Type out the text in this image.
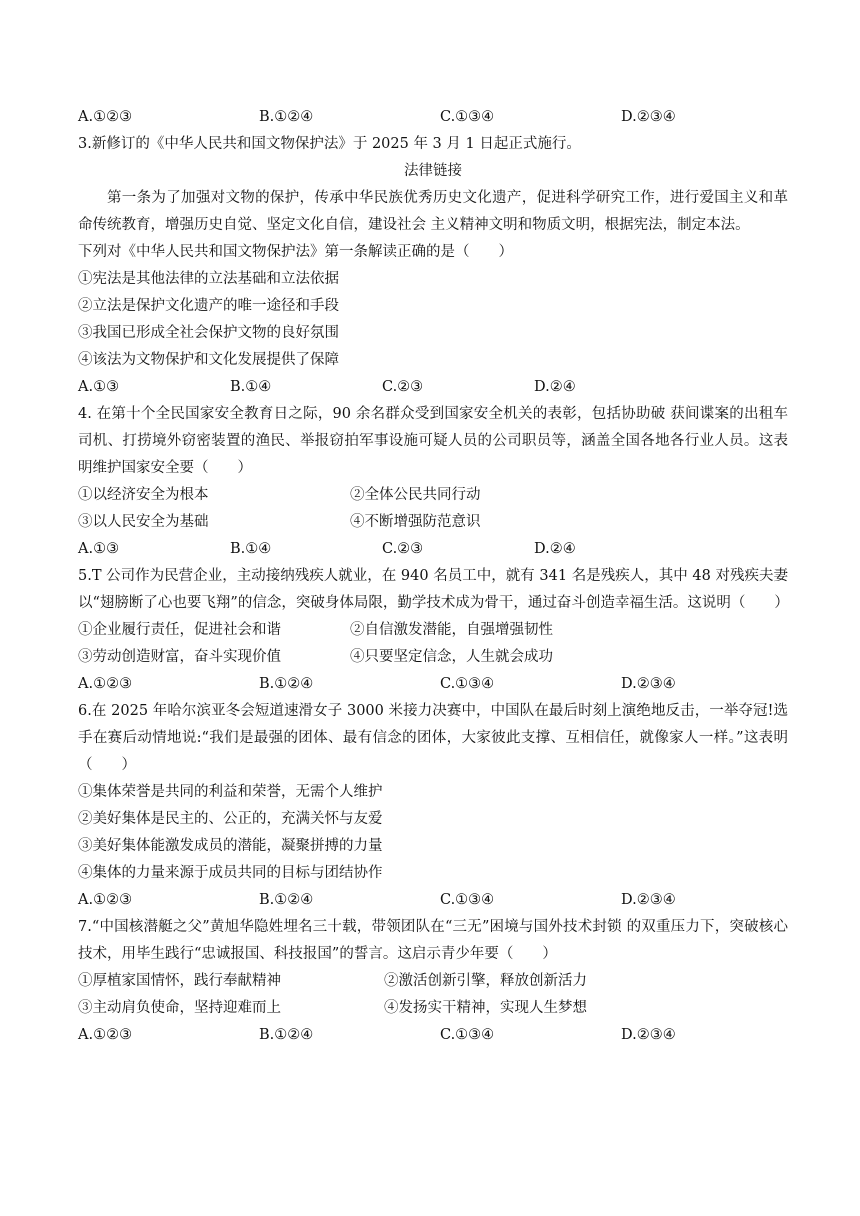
A.①②③	B.①②④	C.①③④	D.②③④
3.新修订的《中华人民共和国文物保护法》于 2025 年 3 月 1 日起正式施行。
法律链接
第一条为了加强对文物的保护，传承中华民族优秀历史文化遗产，促进科学研究工作，进行爱国主义和革命传统教育，增强历史自觉、坚定文化自信，建设社会 主义精神文明和物质文明，根据宪法，制定本法。
下列对《中华人民共和国文物保护法》第一条解读正确的是（　　）
①宪法是其他法律的立法基础和立法依据
②立法是保护文化遗产的唯一途径和手段
③我国已形成全社会保护文物的良好氛围
④该法为文物保护和文化发展提供了保障
A.①③	B.①④	C.②③	D.②④
4. 在第十个全民国家安全教育日之际，90 余名群众受到国家安全机关的表彰，包括协助破 获间谍案的出租车司机、打捞境外窃密装置的渔民、举报窃拍军事设施可疑人员的公司职员等，涵盖全国各地各行业人员。这表明维护国家安全要（　　）
①以经济安全为根本	②全体公民共同行动
③以人民安全为基础	④不断增强防范意识
A.①③	B.①④	C.②③	D.②④
5.T 公司作为民营企业，主动接纳残疾人就业，在 940 名员工中，就有 341 名是残疾人，其中 48 对残疾夫妻以“翅膀断了心也要飞翔”的信念，突破身体局限，勤学技术成为骨干，通过奋斗创造幸福生活。这说明（　　）
①企业履行责任，促进社会和谐	②自信激发潜能，自强增强韧性
③劳动创造财富，奋斗实现价值	④只要坚定信念，人生就会成功
A.①②③	B.①②④	C.①③④	D.②③④
6.在 2025 年哈尔滨亚冬会短道速滑女子 3000 米接力决赛中，中国队在最后时刻上演绝地反击，一举夺冠!选手在赛后动情地说:“我们是最强的团体、最有信念的团体，大家彼此支撑、互相信任，就像家人一样。”这表明（　　）
①集体荣誉是共同的利益和荣誉，无需个人维护
②美好集体是民主的、公正的，充满关怀与友爱
③美好集体能激发成员的潜能，凝聚拼搏的力量
④集体的力量来源于成员共同的目标与团结协作
A.①②③	B.①②④	C.①③④	D.②③④
7.“中国核潜艇之父”黄旭华隐姓埋名三十载，带领团队在“三无”困境与国外技术封锁 的双重压力下，突破核心技术，用毕生践行“忠诚报国、科技报国”的誓言。这启示青少年要（　　）
①厚植家国情怀，践行奉献精神	②激活创新引擎，释放创新活力
③主动肩负使命，坚持迎难而上	④发扬实干精神，实现人生梦想
A.①②③	B.①②④	C.①③④	D.②③④
